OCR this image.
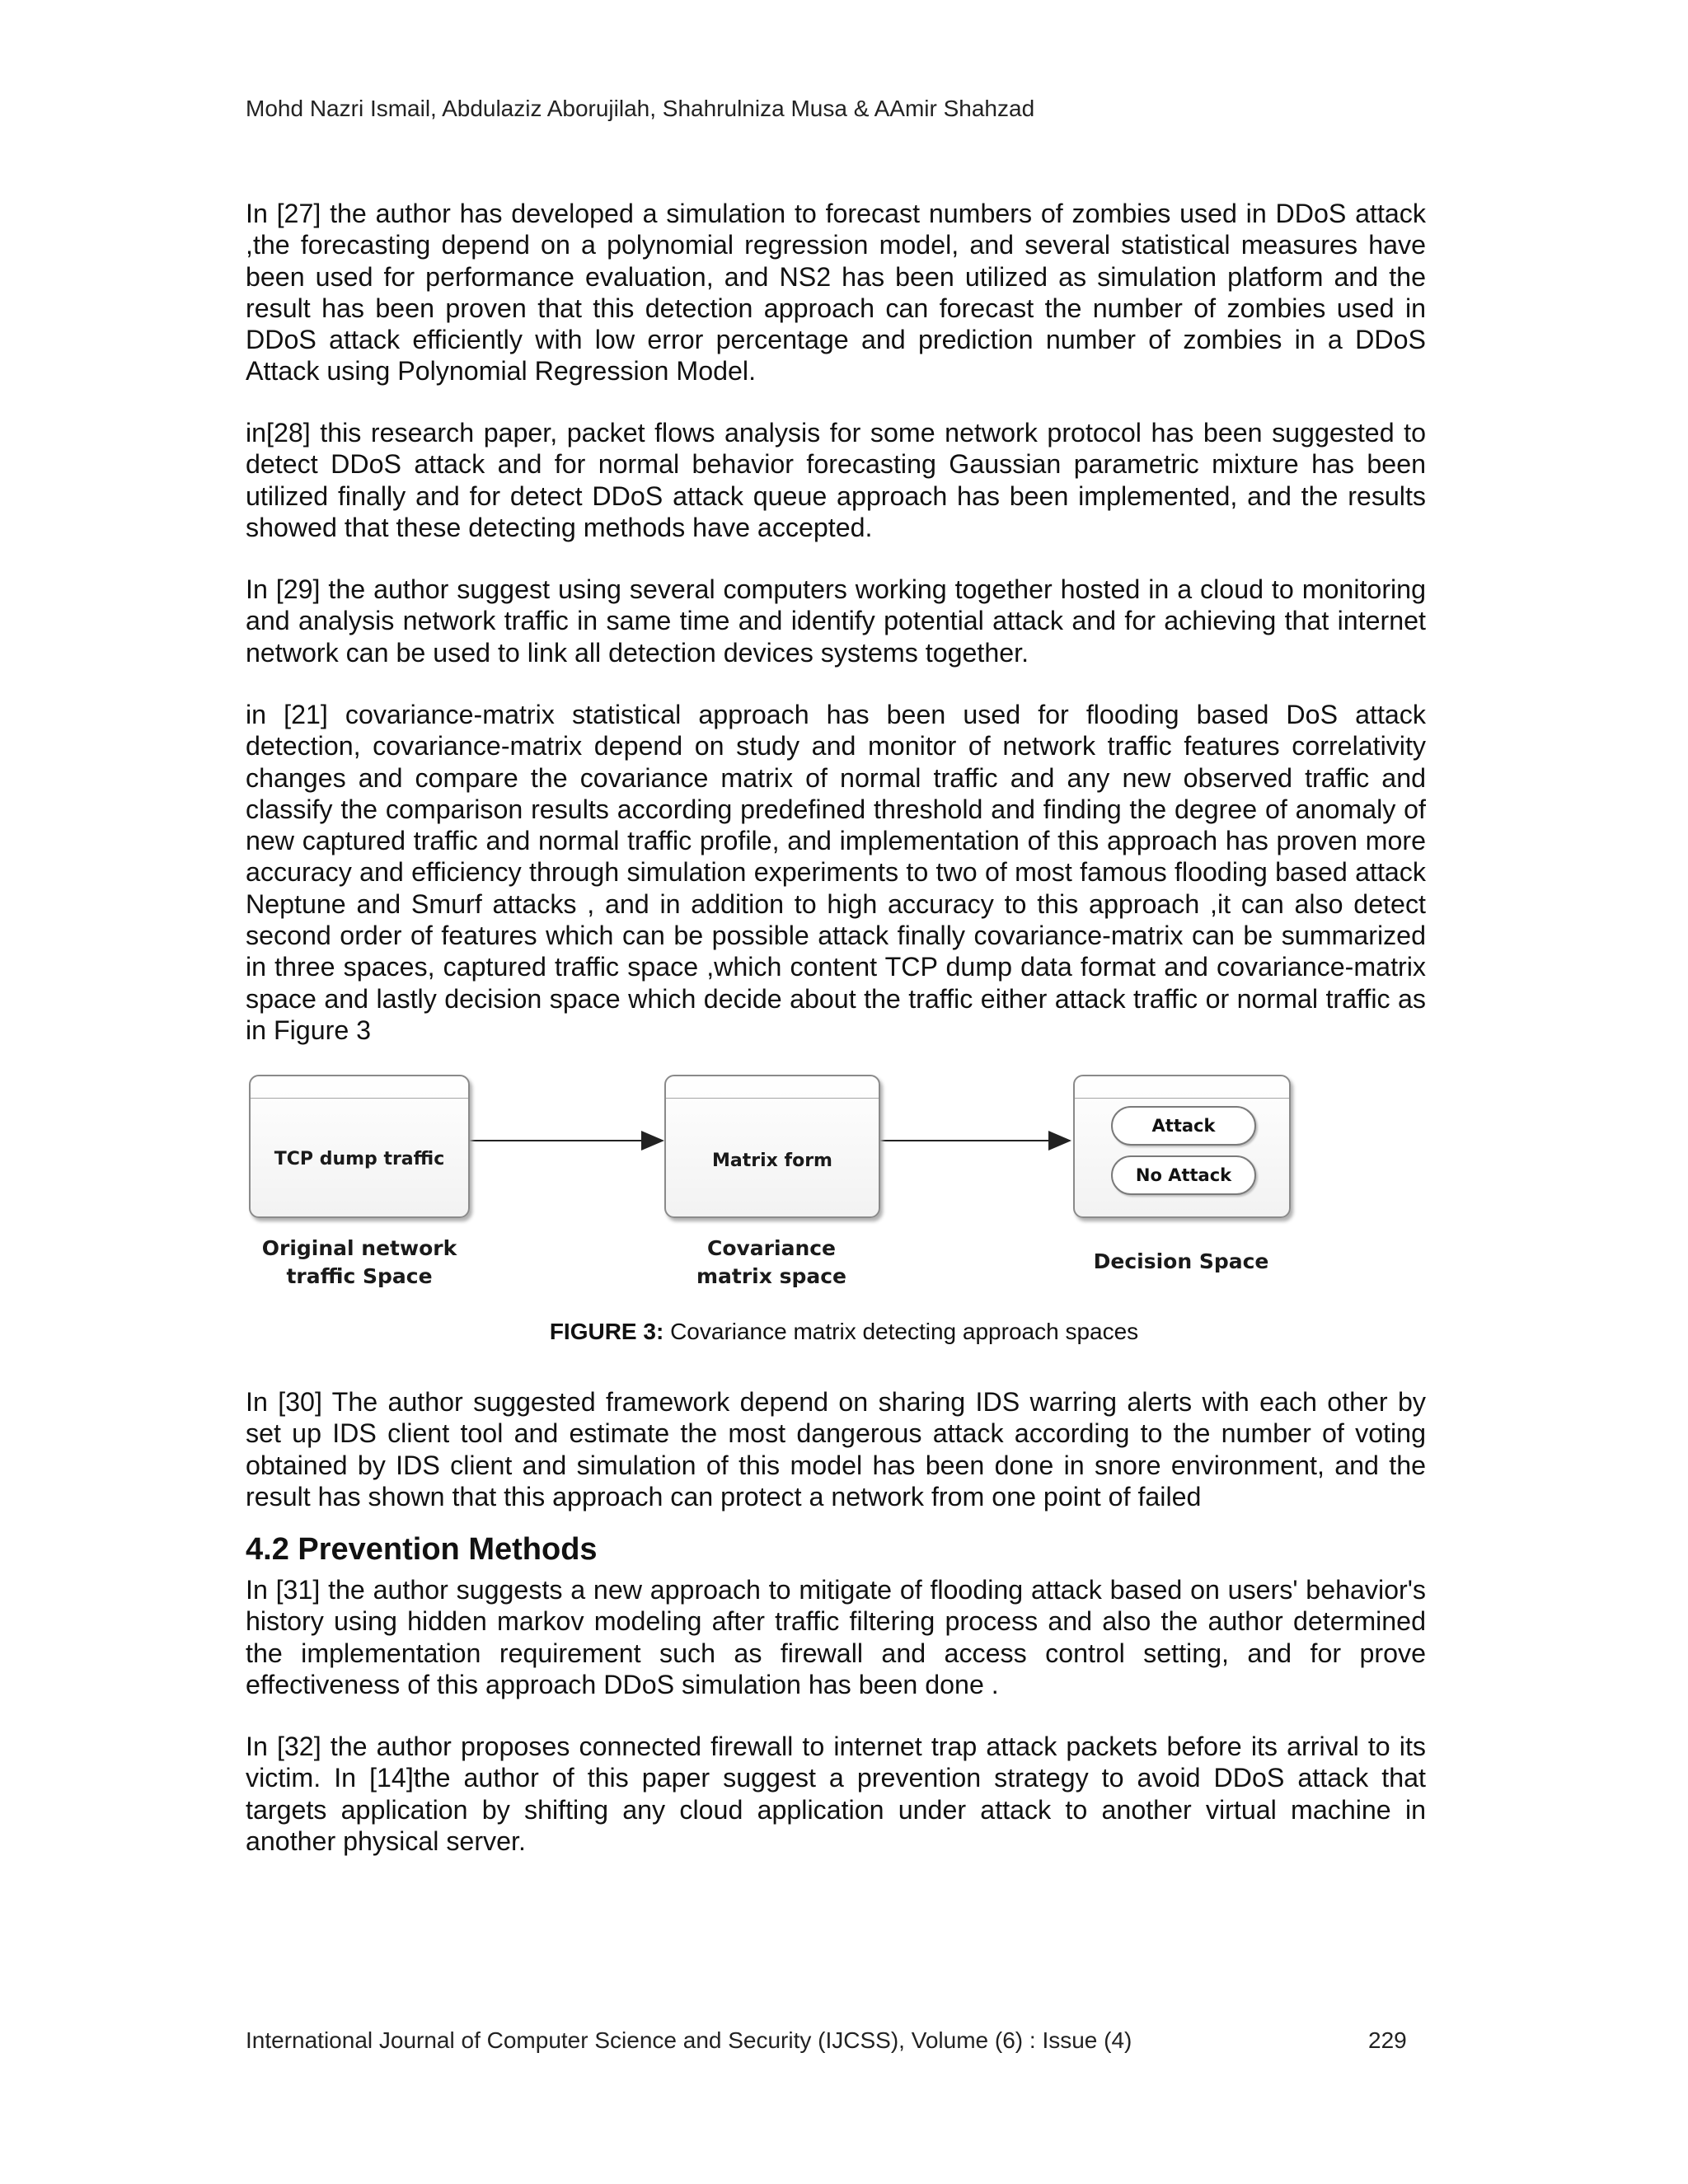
Mohd Nazri Ismail, Abdulaziz Aborujilah, Shahrulniza Musa & AAmir Shahzad

In [27] the author has developed a simulation to forecast numbers of zombies used in DDoS attack ,the forecasting depend on a polynomial regression model, and several statistical measures have been used for performance evaluation, and NS2 has been utilized as simulation platform and the result has been proven that this detection approach can forecast the number of zombies used in DDoS attack efficiently with low error percentage and prediction number of zombies in a DDoS Attack using Polynomial Regression Model.

in[28] this research paper, packet flows analysis for some network protocol has been suggested to detect DDoS attack and for normal behavior forecasting Gaussian parametric mixture has been utilized finally and for detect DDoS attack queue approach has been implemented, and the results showed that these detecting methods have accepted.

In [29] the author suggest using several computers working together hosted in a cloud to monitoring and analysis network traffic in same time and identify potential attack and for achieving that internet network can be used to link all detection devices systems together.

in [21] covariance-matrix statistical approach has been used for flooding based DoS attack detection, covariance-matrix depend on study and monitor of network traffic features correlativity changes and compare the covariance matrix of normal traffic and any new observed traffic and classify the comparison results according predefined threshold and finding the degree of anomaly of new captured traffic and normal traffic profile, and implementation of this approach has proven more accuracy and efficiency through simulation experiments to two of most famous flooding based attack Neptune and Smurf attacks , and in addition to high accuracy to this approach ,it can also detect second order of features which can be possible attack finally covariance-matrix can be summarized in three spaces, captured traffic space ,which content TCP dump data format and covariance-matrix space and lastly decision space which decide about the traffic either attack traffic or normal traffic as in Figure 3

TCP dump traffic	Matrix form
Attack
No Attack
Original network
traffic Space
Covariance
matrix space
Decision Space

FIGURE 3: Covariance matrix detecting approach spaces

In [30] The author suggested framework depend on sharing IDS warring alerts with each other by set up IDS client tool and estimate the most dangerous attack according to the number of voting obtained by IDS client and simulation of this model has been done in snore environment, and the result has shown that this approach can protect a network from one point of failed

4.2 Prevention Methods

In [31] the author suggests a new approach to mitigate of flooding attack based on users' behavior's history using hidden markov modeling after traffic filtering process and also the author determined the implementation requirement such as firewall and access control setting, and for prove effectiveness of this approach DDoS simulation has been done .

In [32] the author proposes connected firewall to internet trap attack packets before its arrival to its victim. In [14]the author of this paper suggest a prevention strategy to avoid DDoS attack that targets application by shifting any cloud application under attack to another virtual machine in another physical server.

International Journal of Computer Science and Security (IJCSS), Volume (6) : Issue (4)	229
